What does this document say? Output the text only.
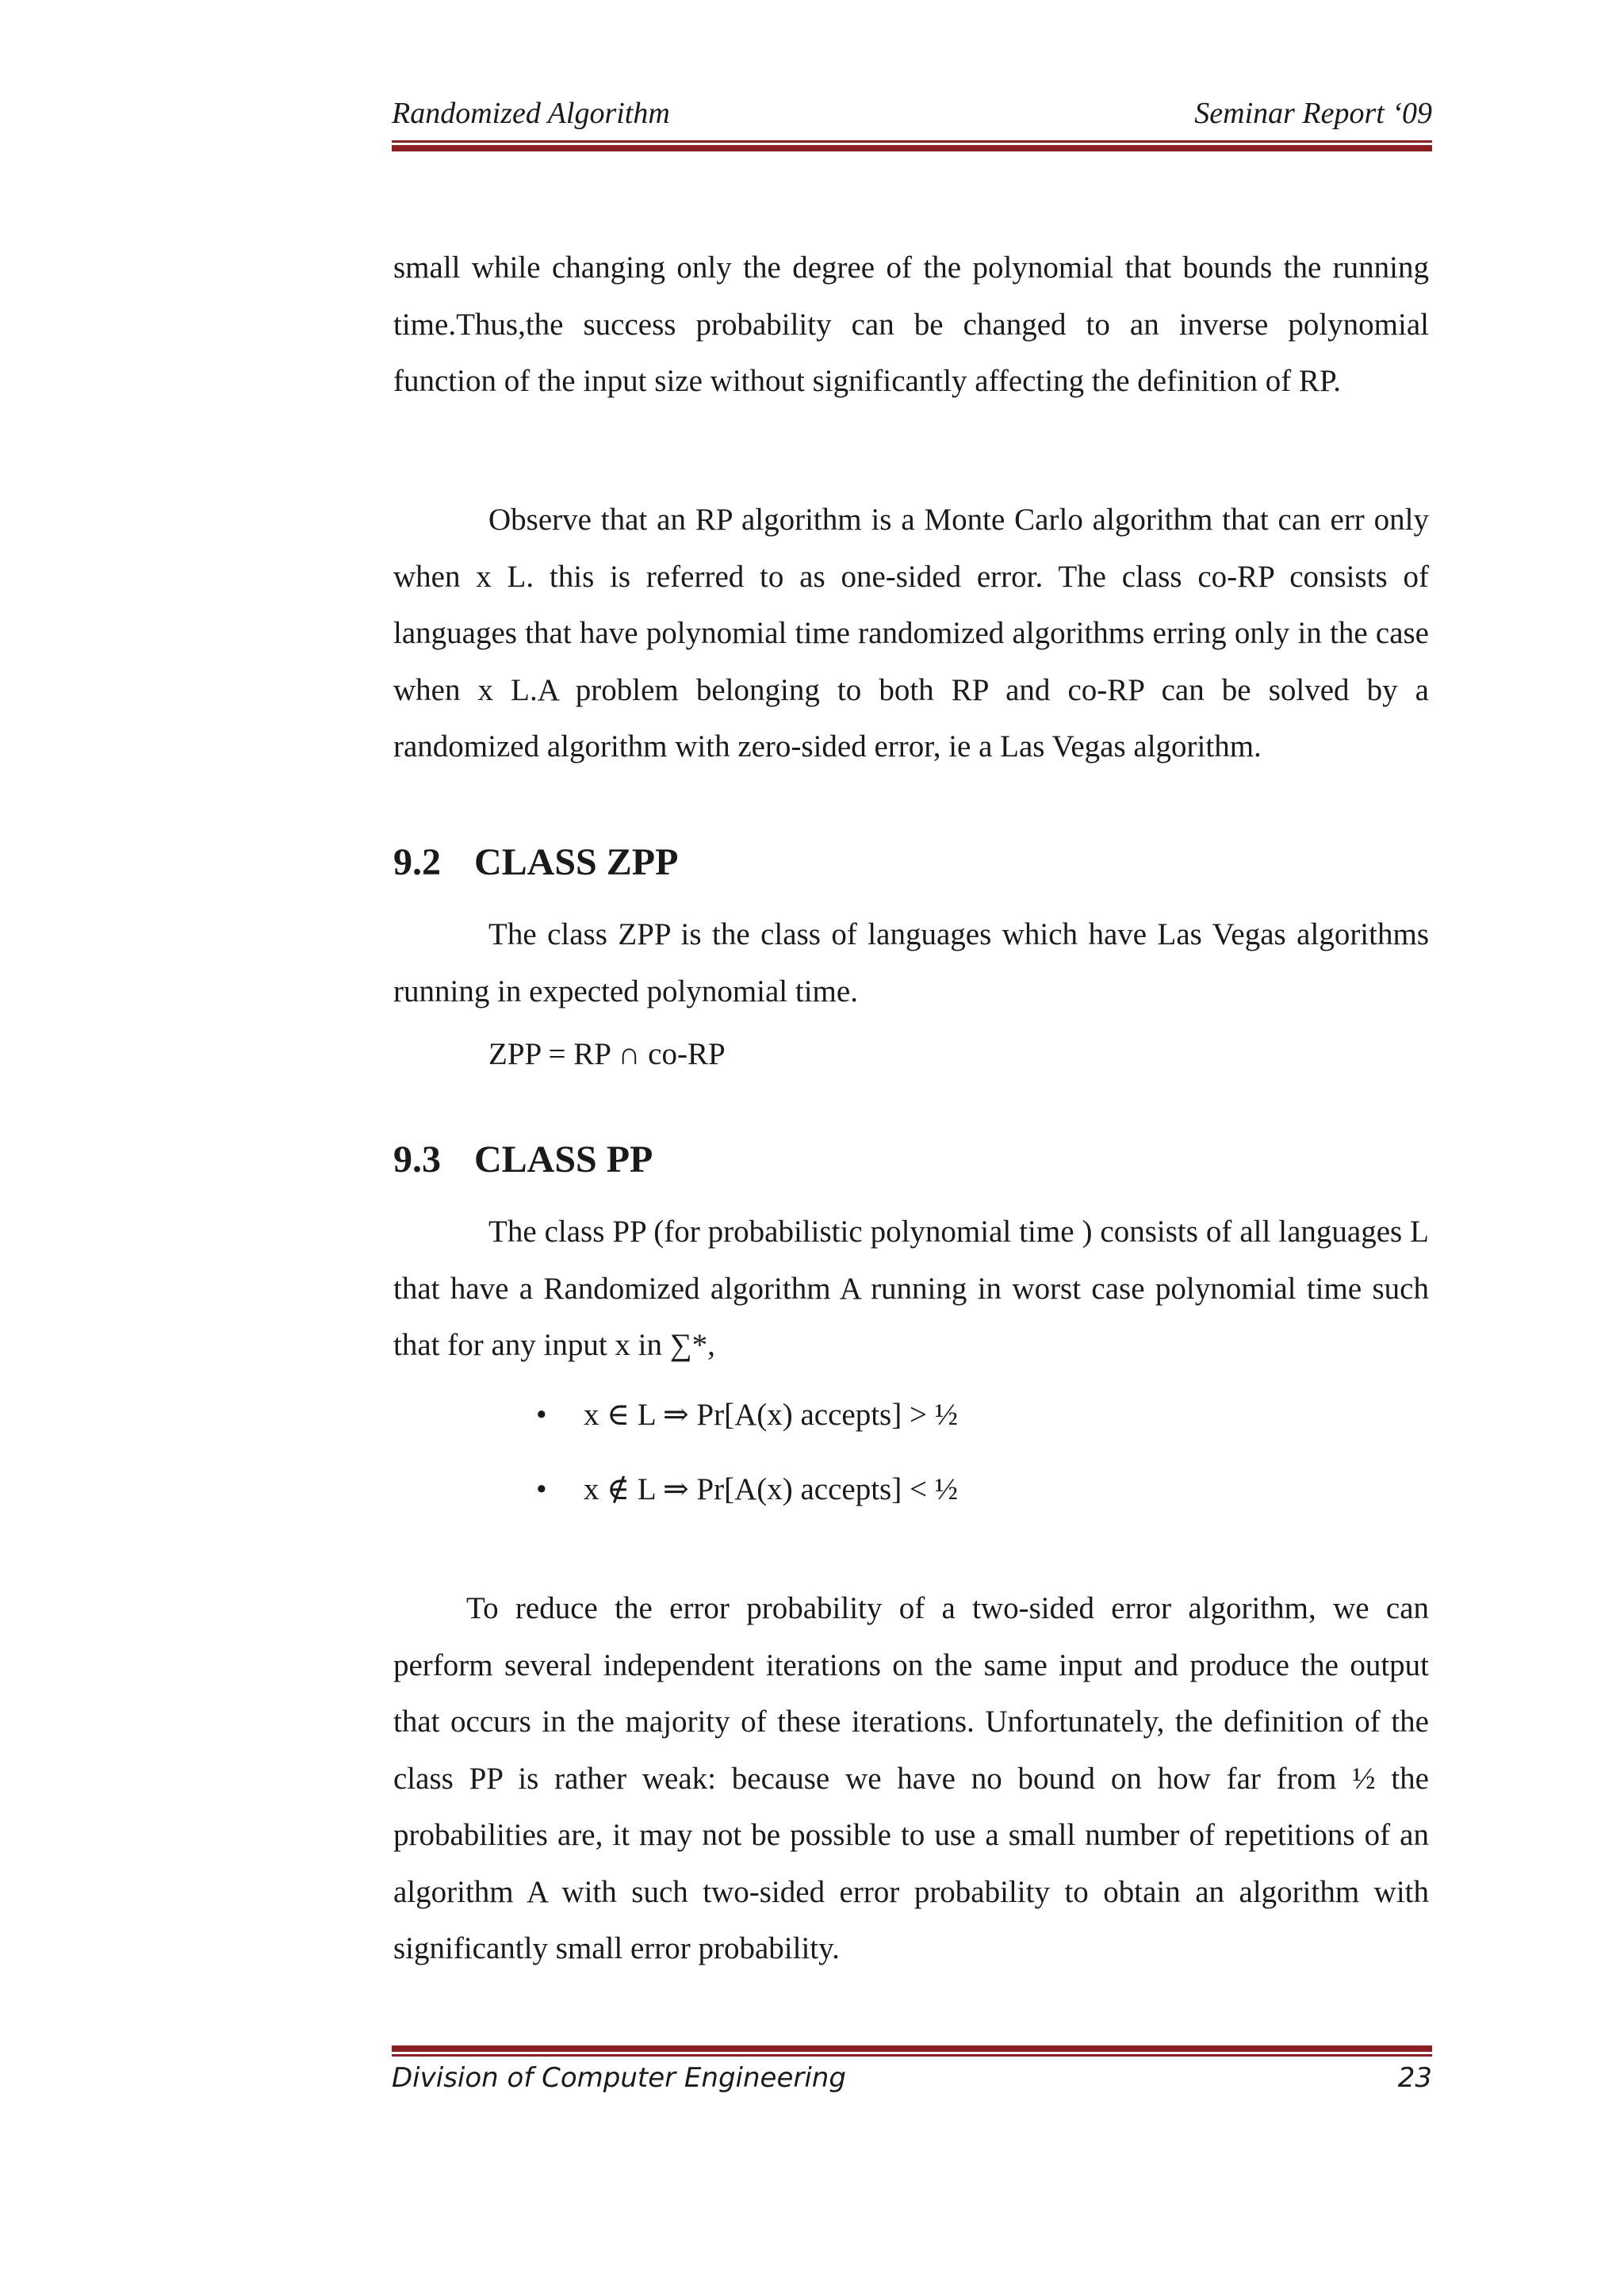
Randomized Algorithm	Seminar Report ‘09

small while changing only the degree of the polynomial that bounds the running time.Thus,the success probability can be changed to an inverse polynomial function of the input size without significantly affecting the definition of RP.

Observe that an RP algorithm is a Monte Carlo algorithm that can err only when x L. this is referred to as one-sided error. The class co-RP consists of languages that have polynomial time randomized algorithms erring only in the case when x L.A problem belonging to both RP and co-RP can be solved by a randomized algorithm with zero-sided error, ie a Las Vegas algorithm.

9.2 CLASS ZPP

The class ZPP is the class of languages which have Las Vegas algorithms running in expected polynomial time.

ZPP = RP ∩ co-RP
9.3 CLASS PP

The class PP (for probabilistic polynomial time ) consists of all languages L that have a Randomized algorithm A running in worst case polynomial time such that for any input x in ∑*,

• x ∈ L ⇒ Pr[A(x) accepts] > ½
• x ∉ L ⇒ Pr[A(x) accepts] < ½

To reduce the error probability of a two-sided error algorithm, we can perform several independent iterations on the same input and produce the output that occurs in the majority of these iterations. Unfortunately, the definition of the class PP is rather weak: because we have no bound on how far from ½ the probabilities are, it may not be possible to use a small number of repetitions of an algorithm A with such two-sided error probability to obtain an algorithm with significantly small error probability.

Division of Computer Engineering	23
